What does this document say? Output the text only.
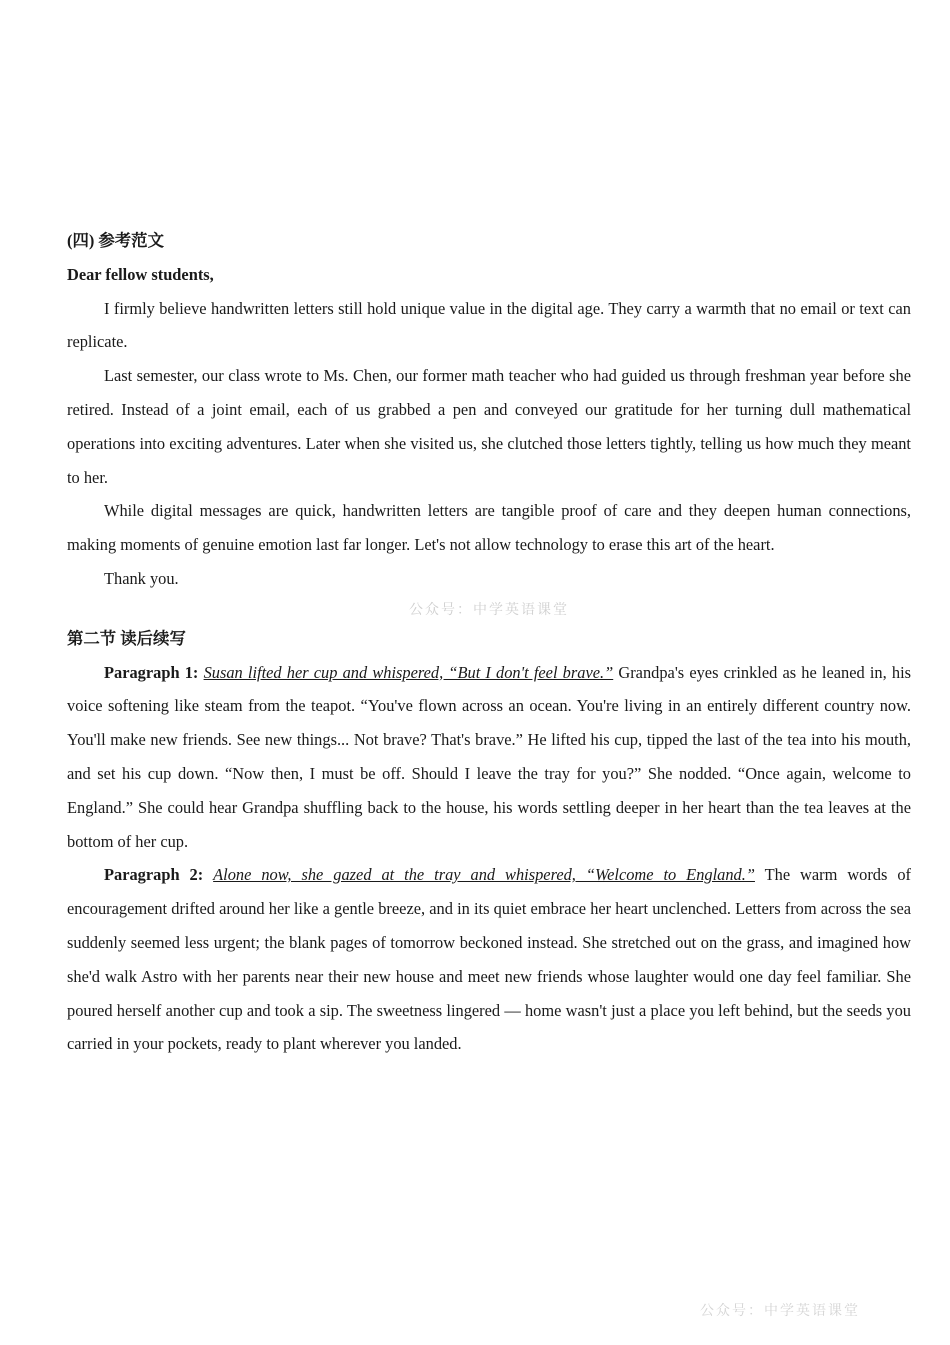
(四) 参考范文
Dear fellow students,

I firmly believe handwritten letters still hold unique value in the digital age. They carry a warmth that no email or text can replicate.

Last semester, our class wrote to Ms. Chen, our former math teacher who had guided us through freshman year before she retired. Instead of a joint email, each of us grabbed a pen and conveyed our gratitude for her turning dull mathematical operations into exciting adventures. Later when she visited us, she clutched those letters tightly, telling us how much they meant to her.

While digital messages are quick, handwritten letters are tangible proof of care and they deepen human connections, making moments of genuine emotion last far longer. Let's not allow technology to erase this art of the heart.

Thank you.

公众号：中学英语课堂
第二节 读后续写

Paragraph 1: Susan lifted her cup and whispered, “But I don't feel brave.” Grandpa's eyes crinkled as he leaned in, his voice softening like steam from the teapot. “You've flown across an ocean. You're living in an entirely different country now. You'll make new friends. See new things... Not brave? That's brave.” He lifted his cup, tipped the last of the tea into his mouth, and set his cup down. “Now then, I must be off. Should I leave the tray for you?” She nodded. “Once again, welcome to England.” She could hear Grandpa shuffling back to the house, his words settling deeper in her heart than the tea leaves at the bottom of her cup.

Paragraph 2: Alone now, she gazed at the tray and whispered, “Welcome to England.” The warm words of encouragement drifted around her like a gentle breeze, and in its quiet embrace her heart unclenched. Letters from across the sea suddenly seemed less urgent; the blank pages of tomorrow beckoned instead. She stretched out on the grass, and imagined how she'd walk Astro with her parents near their new house and meet new friends whose laughter would one day feel familiar. She poured herself another cup and took a sip. The sweetness lingered — home wasn't just a place you left behind, but the seeds you carried in your pockets, ready to plant wherever you landed.

公众号：中学英语课堂
